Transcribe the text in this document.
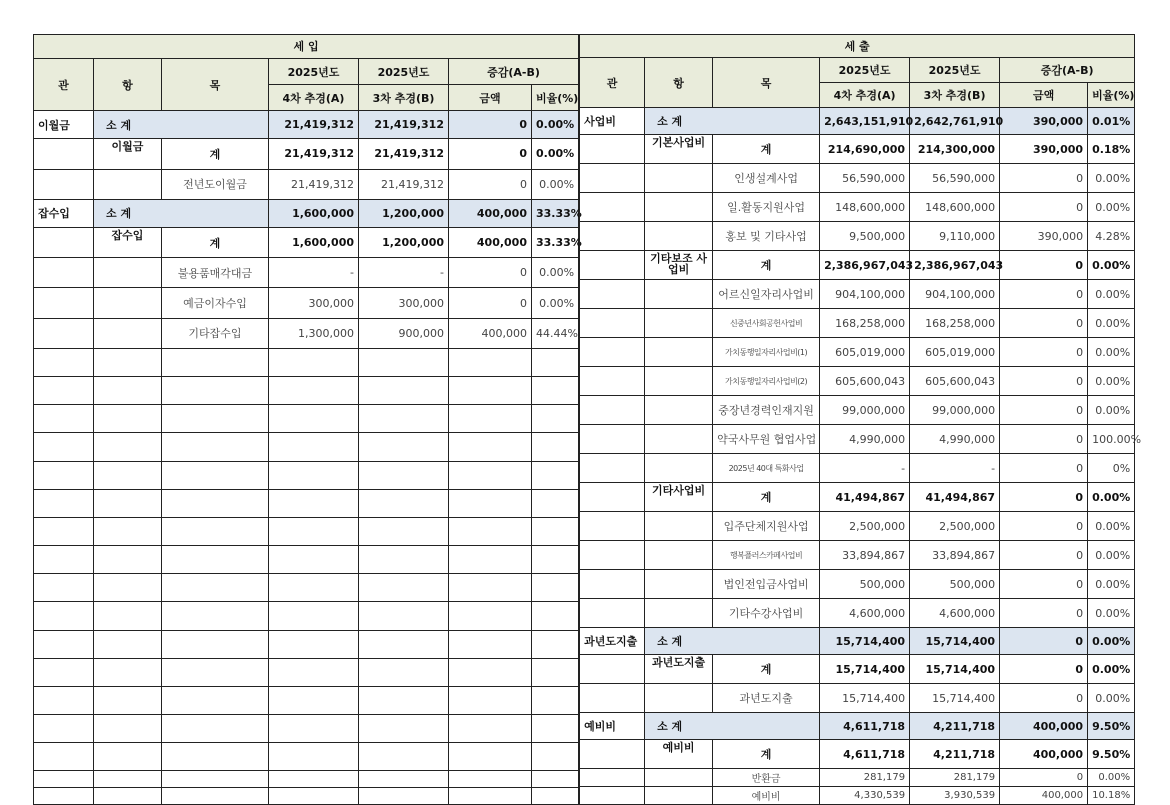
세 입						
관	항	목	2025년도	2025년도	증감(A-B)	
			4차 추경(A)	3차 추경(B)	금액	비율(%)
이월금	소 계		21,419,312	21,419,312	0	0.00%
	이월금	계	21,419,312	21,419,312	0	0.00%
		전년도이월금	21,419,312	21,419,312	0	0.00%
잡수입	소 계		1,600,000	1,200,000	400,000	33.33%
	잡수입	계	1,600,000	1,200,000	400,000	33.33%
		불용품매각대금	-	-	0	0.00%
		예금이자수입	300,000	300,000	0	0.00%
		기타잡수입	1,300,000	900,000	400,000	44.44%

세 출						
관	항	목	2025년도	2025년도	증감(A-B)	
			4차 추경(A)	3차 추경(B)	금액	비율(%)
사업비	소 계		2,643,151,910	2,642,761,910	390,000	0.01%
	기본사업비	계	214,690,000	214,300,000	390,000	0.18%
		인생설계사업	56,590,000	56,590,000	0	0.00%
		일.활동지원사업	148,600,000	148,600,000	0	0.00%
		홍보 및 기타사업	9,500,000	9,110,000	390,000	4.28%
	기타보조 사업비	계	2,386,967,043	2,386,967,043	0	0.00%
		어르신일자리사업비	904,100,000	904,100,000	0	0.00%
		신중년사회공헌사업비	168,258,000	168,258,000	0	0.00%
		가치동행일자리사업비(1)	605,019,000	605,019,000	0	0.00%
		가치동행일자리사업비(2)	605,600,043	605,600,043	0	0.00%
		중장년경력인재지원	99,000,000	99,000,000	0	0.00%
		약국사무원 협업사업	4,990,000	4,990,000	0	100.00%
		2025년 40대 특화사업	-	-	0	0%
	기타사업비	계	41,494,867	41,494,867	0	0.00%
		입주단체지원사업	2,500,000	2,500,000	0	0.00%
		행복플러스카페사업비	33,894,867	33,894,867	0	0.00%
		법인전입금사업비	500,000	500,000	0	0.00%
		기타수강사업비	4,600,000	4,600,000	0	0.00%
과년도지출	소 계		15,714,400	15,714,400	0	0.00%
	과년도지출	계	15,714,400	15,714,400	0	0.00%
		과년도지출	15,714,400	15,714,400	0	0.00%
예비비	소 계		4,611,718	4,211,718	400,000	9.50%
	예비비	계	4,611,718	4,211,718	400,000	9.50%
		반환금	281,179	281,179	0	0.00%
		예비비	4,330,539	3,930,539	400,000	10.18%
